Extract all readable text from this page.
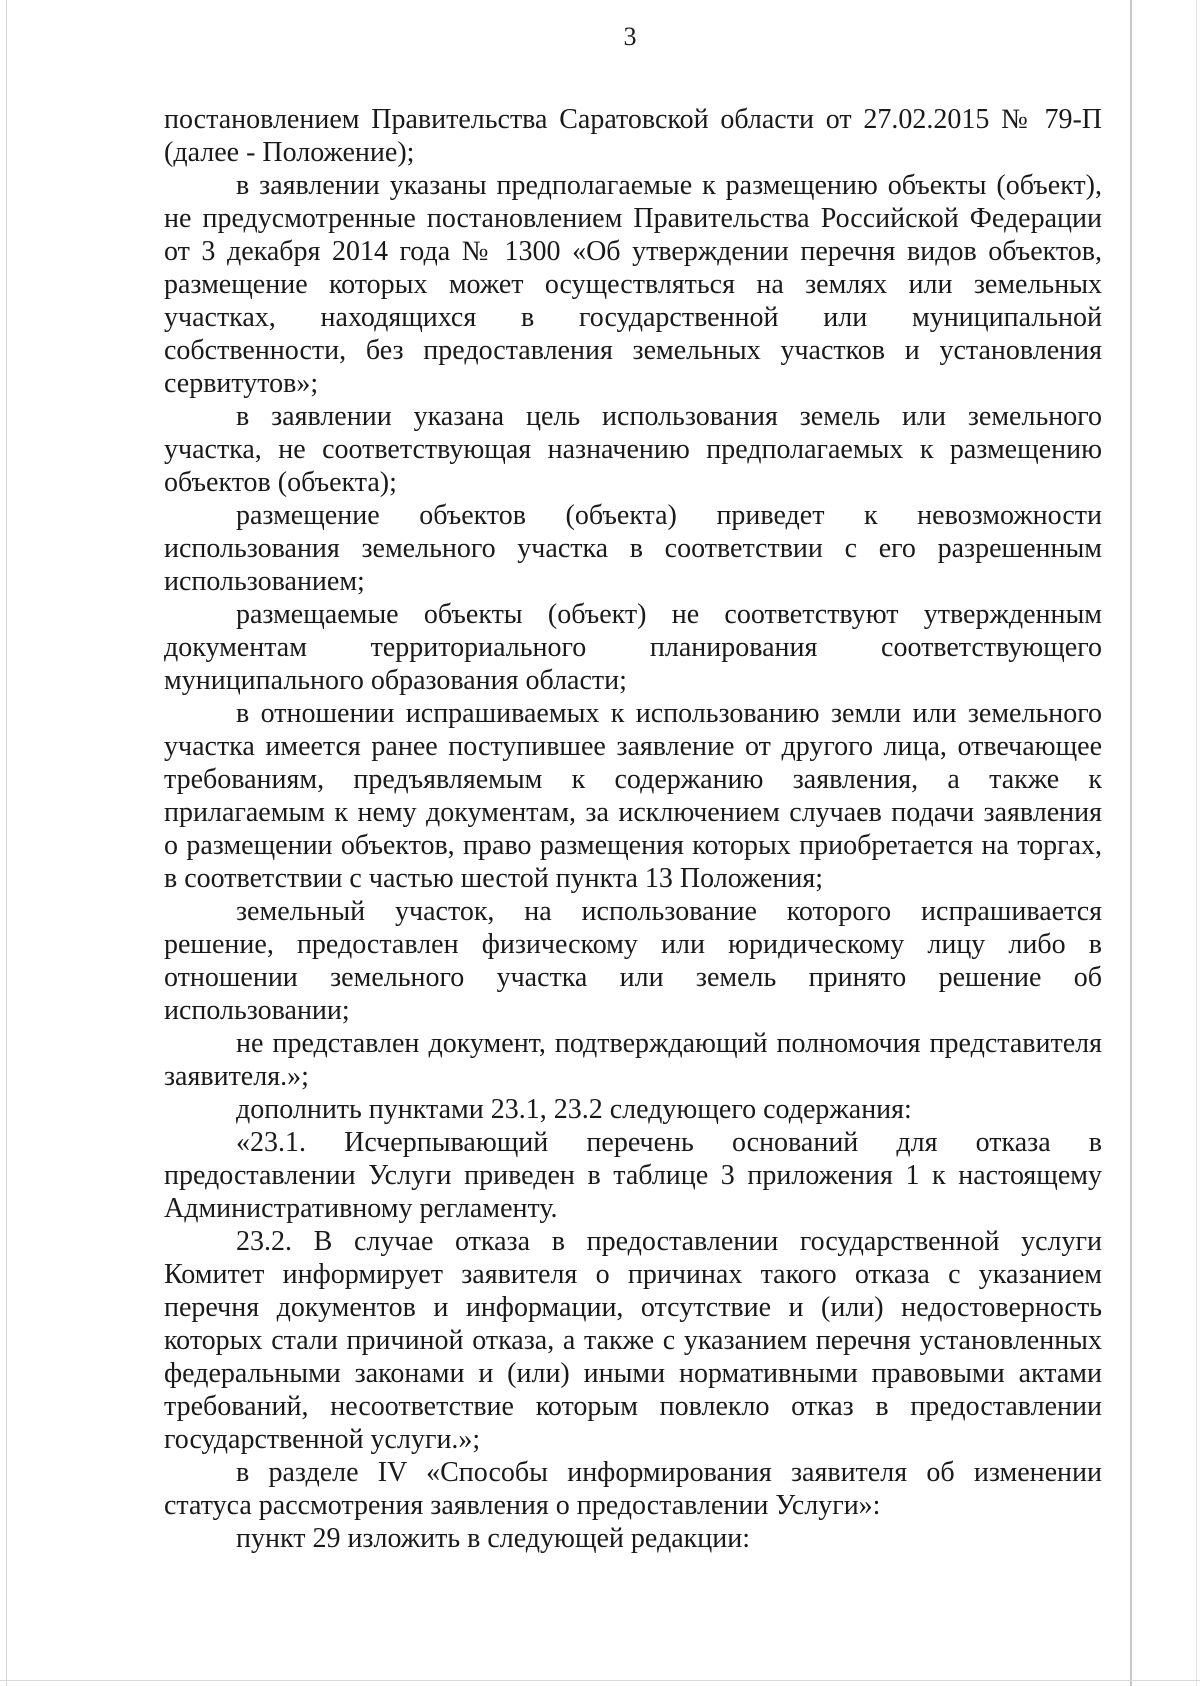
3

постановлением Правительства Саратовской области от 27.02.2015 № 79-П (далее - Положение);

в заявлении указаны предполагаемые к размещению объекты (объект), не предусмотренные постановлением Правительства Российской Федерации от 3 декабря 2014 года № 1300 «Об утверждении перечня видов объектов, размещение которых может осуществляться на землях или земельных участках, находящихся в государственной или муниципальной собственности, без предоставления земельных участков и установления сервитутов»;

в заявлении указана цель использования земель или земельного участка, не соответствующая назначению предполагаемых к размещению объектов (объекта);

размещение объектов (объекта) приведет к невозможности использования земельного участка в соответствии с его разрешенным использованием;

размещаемые объекты (объект) не соответствуют утвержденным документам территориального планирования соответствующего муниципального образования области;

в отношении испрашиваемых к использованию земли или земельного участка имеется ранее поступившее заявление от другого лица, отвечающее требованиям, предъявляемым к содержанию заявления, а также к прилагаемым к нему документам, за исключением случаев подачи заявления о размещении объектов, право размещения которых приобретается на торгах, в соответствии с частью шестой пункта 13 Положения;

земельный участок, на использование которого испрашивается решение, предоставлен физическому или юридическому лицу либо в отношении земельного участка или земель принято решение об использовании;

не представлен документ, подтверждающий полномочия представителя заявителя.»;

дополнить пунктами 23.1, 23.2 следующего содержания:

«23.1. Исчерпывающий перечень оснований для отказа в предоставлении Услуги приведен в таблице 3 приложения 1 к настоящему Административному регламенту.

23.2. В случае отказа в предоставлении государственной услуги Комитет информирует заявителя о причинах такого отказа с указанием перечня документов и информации, отсутствие и (или) недостоверность которых стали причиной отказа, а также с указанием перечня установленных федеральными законами и (или) иными нормативными правовыми актами требований, несоответствие которым повлекло отказ в предоставлении государственной услуги.»;

в разделе IV «Способы информирования заявителя об изменении статуса рассмотрения заявления о предоставлении Услуги»:

пункт 29 изложить в следующей редакции:
